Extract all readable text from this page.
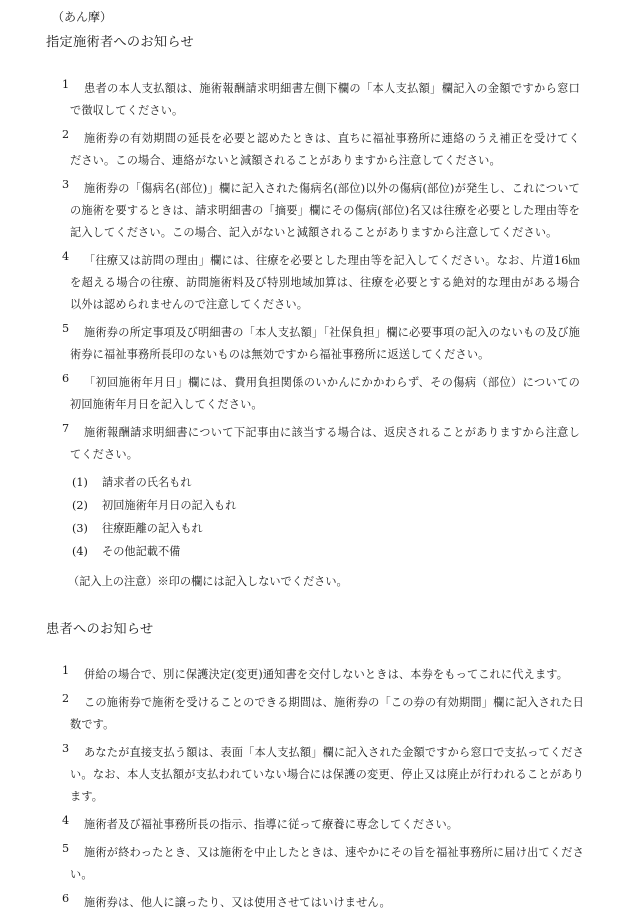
（あん摩）
指定施術者へのお知らせ
1	患者の本人支払額は、施術報酬請求明細書左側下欄の「本人支払額」欄記入の金額ですから窓口で徴収してください。
2	施術券の有効期間の延長を必要と認めたときは、直ちに福祉事務所に連絡のうえ補正を受けてください。この場合、連絡がないと減額されることがありますから注意してください。
3	施術券の「傷病名(部位)」欄に記入された傷病名(部位)以外の傷病(部位)が発生し、これについての施術を要するときは、請求明細書の「摘要」欄にその傷病(部位)名又は往療を必要とした理由等を記入してください。この場合、記入がないと減額されることがありますから注意してください。
4	「往療又は訪問の理由」欄には、往療を必要とした理由等を記入してください。なお、片道16㎞を超える場合の往療、訪問施術料及び特別地域加算は、往療を必要とする絶対的な理由がある場合以外は認められませんので注意してください。
5	施術券の所定事項及び明細書の「本人支払額」「社保負担」欄に必要事項の記入のないもの及び施術券に福祉事務所長印のないものは無効ですから福祉事務所に返送してください。
6	「初回施術年月日」欄には、費用負担関係のいかんにかかわらず、その傷病（部位）についての初回施術年月日を記入してください。
7	施術報酬請求明細書について下記事由に該当する場合は、返戻されることがありますから注意してください。
(1) 請求者の氏名もれ
(2) 初回施術年月日の記入もれ
(3) 往療距離の記入もれ
(4) その他記載不備
（記入上の注意）※印の欄には記入しないでください。
患者へのお知らせ
1	併給の場合で、別に保護決定(変更)通知書を交付しないときは、本券をもってこれに代えます。
2	この施術券で施術を受けることのできる期間は、施術券の「この券の有効期間」欄に記入された日数です。
3	あなたが直接支払う額は、表面「本人支払額」欄に記入された金額ですから窓口で支払ってください。なお、本人支払額が支払われていない場合には保護の変更、停止又は廃止が行われることがあります。
4	施術者及び福祉事務所長の指示、指導に従って療養に専念してください。
5	施術が終わったとき、又は施術を中止したときは、速やかにその旨を福祉事務所に届け出てください。
6	施術券は、他人に譲ったり、又は使用させてはいけません。
